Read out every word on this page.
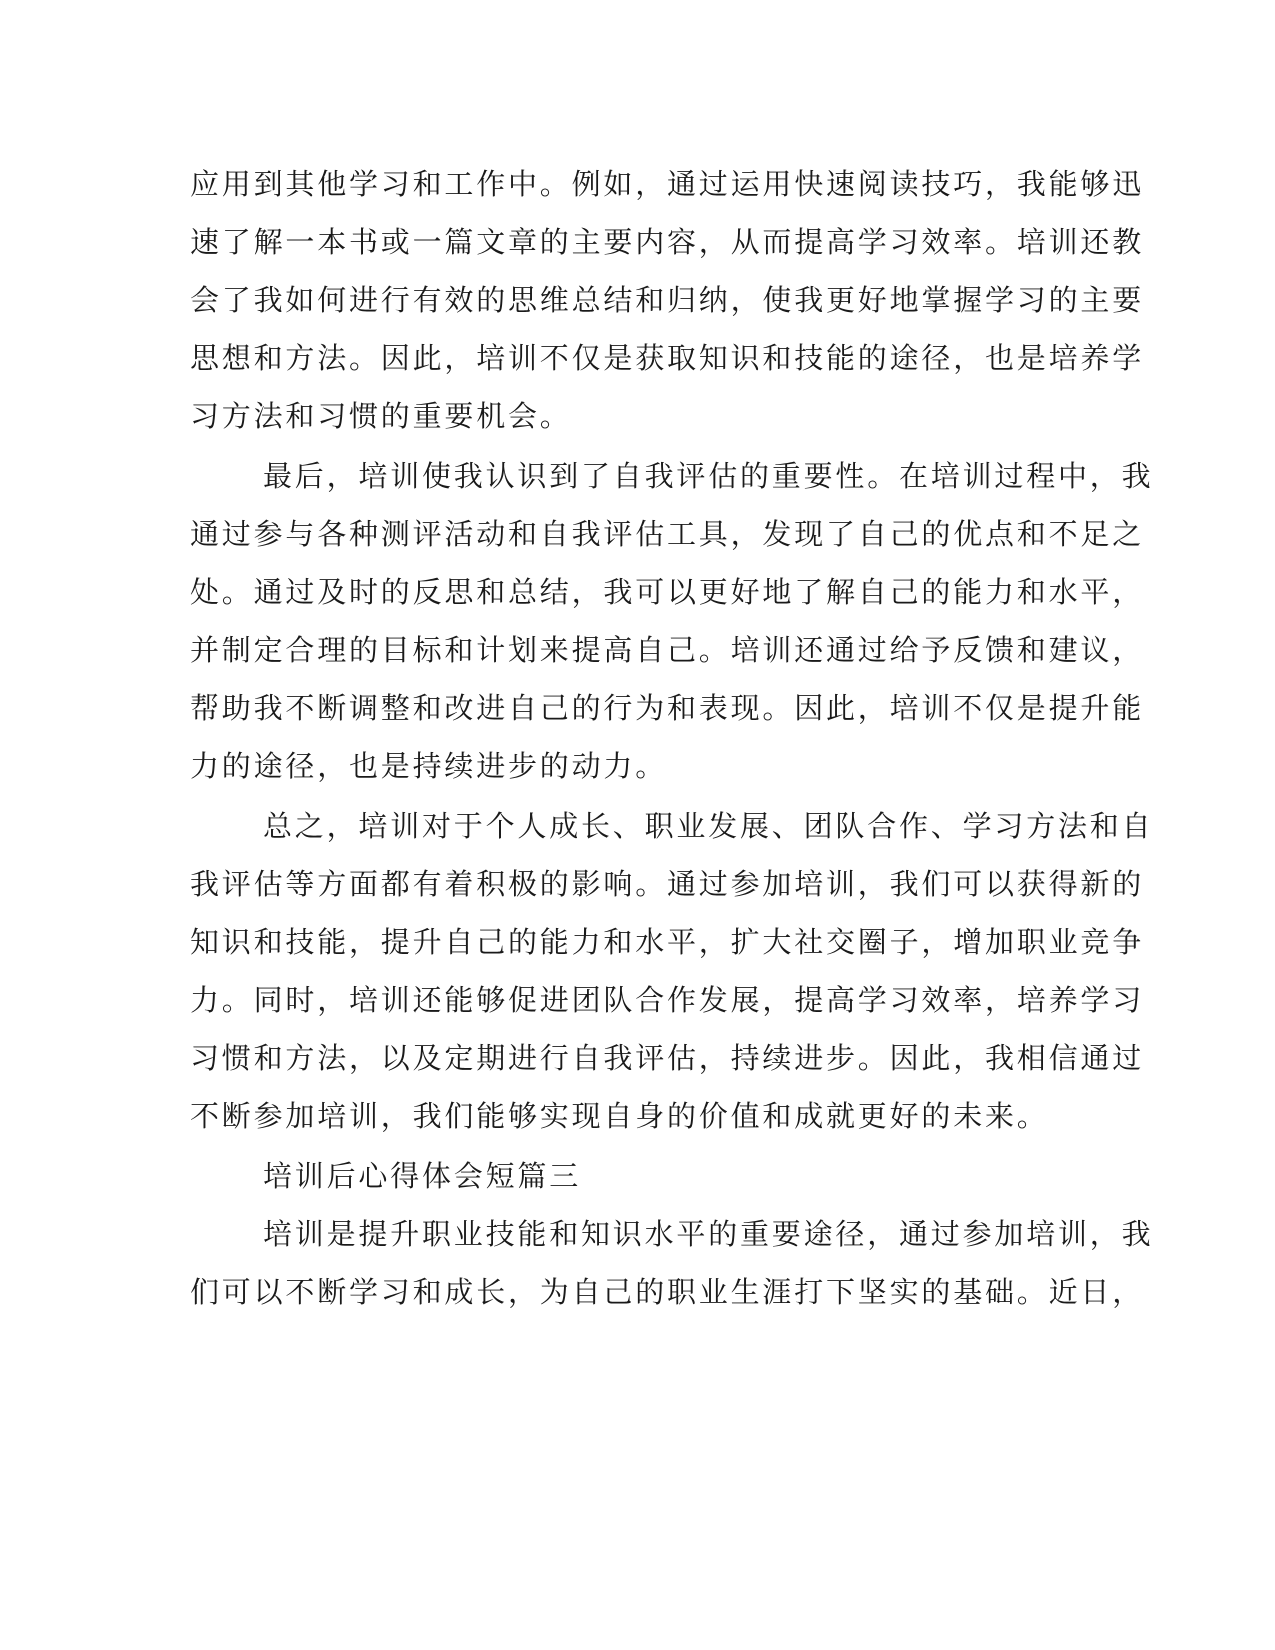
应用到其他学习和工作中。例如，通过运用快速阅读技巧，我能够迅
速了解一本书或一篇文章的主要内容，从而提高学习效率。培训还教
会了我如何进行有效的思维总结和归纳，使我更好地掌握学习的主要
思想和方法。因此，培训不仅是获取知识和技能的途径，也是培养学
习方法和习惯的重要机会。
最后，培训使我认识到了自我评估的重要性。在培训过程中，我
通过参与各种测评活动和自我评估工具，发现了自己的优点和不足之
处。通过及时的反思和总结，我可以更好地了解自己的能力和水平，
并制定合理的目标和计划来提高自己。培训还通过给予反馈和建议，
帮助我不断调整和改进自己的行为和表现。因此，培训不仅是提升能
力的途径，也是持续进步的动力。
总之，培训对于个人成长、职业发展、团队合作、学习方法和自
我评估等方面都有着积极的影响。通过参加培训，我们可以获得新的
知识和技能，提升自己的能力和水平，扩大社交圈子，增加职业竞争
力。同时，培训还能够促进团队合作发展，提高学习效率，培养学习
习惯和方法，以及定期进行自我评估，持续进步。因此，我相信通过
不断参加培训，我们能够实现自身的价值和成就更好的未来。
培训后心得体会短篇三
培训是提升职业技能和知识水平的重要途径，通过参加培训，我
们可以不断学习和成长，为自己的职业生涯打下坚实的基础。近日，
